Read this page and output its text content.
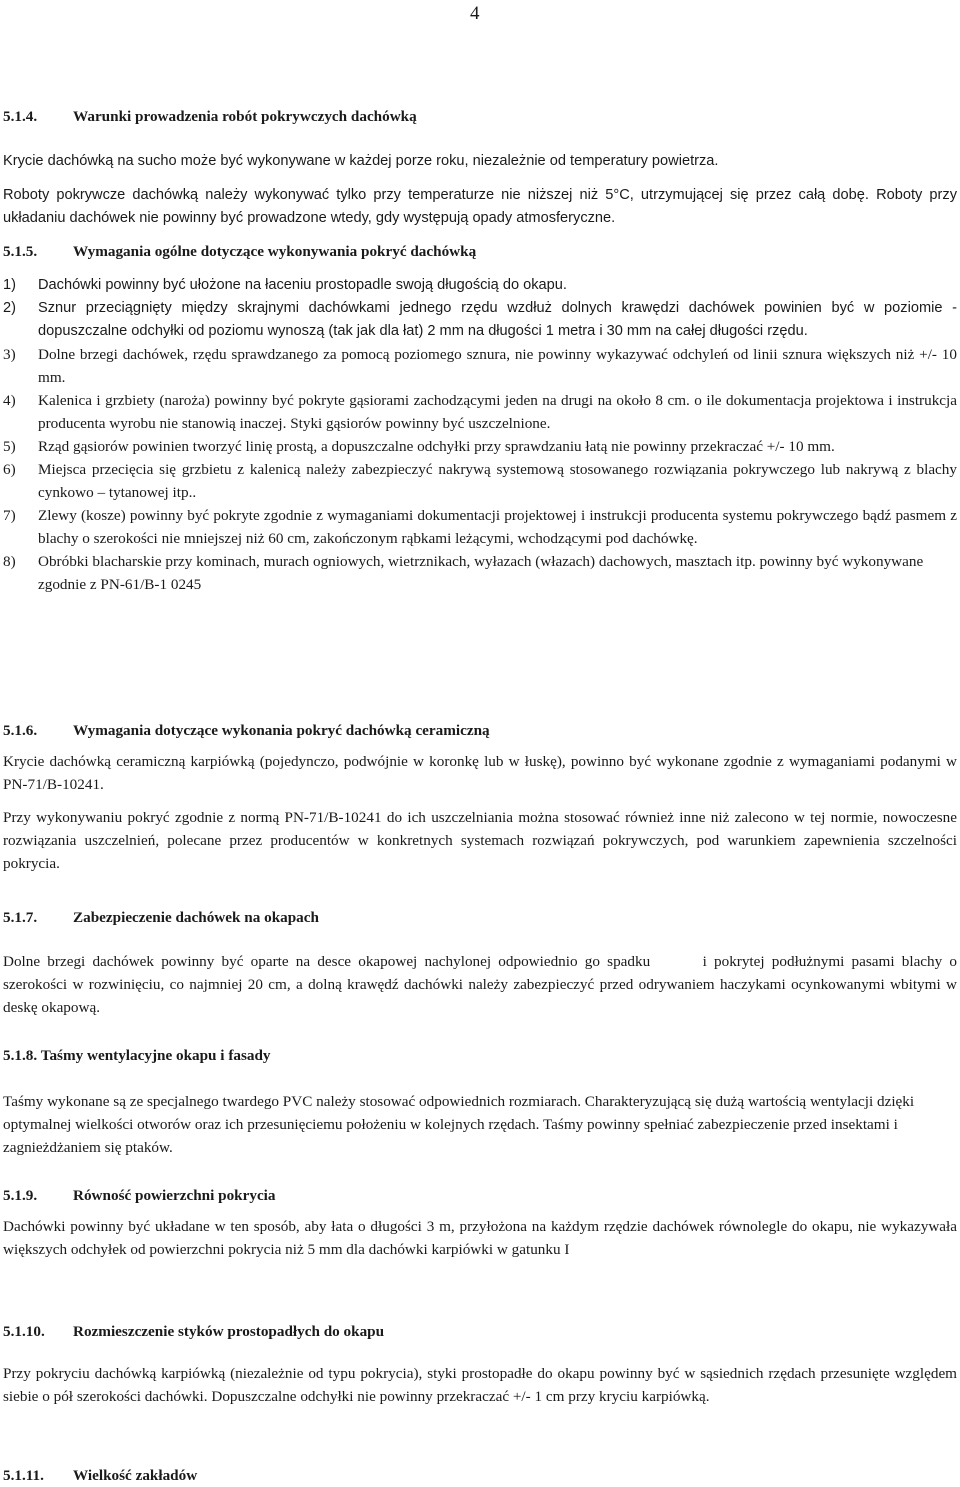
4
5.1.4. Warunki prowadzenia robót pokrywczych dachówką

Krycie dachówką na sucho może być wykonywane w każdej porze roku, niezależnie od temperatury powietrza.

Roboty pokrywcze dachówką należy wykonywać tylko przy temperaturze nie niższej niż 5°C, utrzymującej się przez całą dobę. Roboty przy układaniu dachówek nie powinny być prowadzone wtedy, gdy występują opady atmosferyczne.

5.1.5. Wymagania ogólne dotyczące wykonywania pokryć dachówką
1) Dachówki powinny być ułożone na łaceniu prostopadle swoją długością do okapu.
2) Sznur przeciągnięty między skrajnymi dachówkami jednego rzędu wzdłuż dolnych krawędzi dachówek powinien być w poziomie - dopuszczalne odchyłki od poziomu wynoszą (tak jak dla łat) 2 mm na długości 1 metra i 30 mm na całej długości rzędu.
3) Dolne brzegi dachówek, rzędu sprawdzanego za pomocą poziomego sznura, nie powinny wykazywać odchyleń od linii sznura większych niż +/- 10 mm.
4) Kalenica i grzbiety (naroża) powinny być pokryte gąsiorami zachodzącymi jeden na drugi na około 8 cm. o ile dokumentacja projektowa i instrukcja producenta wyrobu nie stanowią inaczej. Styki gąsiorów powinny być uszczelnione.
5) Rząd gąsiorów powinien tworzyć linię prostą, a dopuszczalne odchyłki przy sprawdzaniu łatą nie powinny przekraczać +/- 10 mm.
6) Miejsca przecięcia się grzbietu z kalenicą należy zabezpieczyć nakrywą systemową stosowanego rozwiązania pokrywczego lub nakrywą z blachy cynkowo – tytanowej itp..
7) Zlewy (kosze) powinny być pokryte zgodnie z wymaganiami dokumentacji projektowej i instrukcji producenta systemu pokrywczego bądź pasmem z blachy o szerokości nie mniejszej niż 60 cm, zakończonym rąbkami leżącymi, wchodzącymi pod dachówkę.
8) Obróbki blacharskie przy kominach, murach ogniowych, wietrznikach, wyłazach (włazach) dachowych, masztach itp. powinny być wykonywane zgodnie z PN-61/B-1 0245
5.1.6. Wymagania dotyczące wykonania pokryć dachówką ceramiczną

Krycie dachówką ceramiczną karpiówką (pojedynczo, podwójnie w koronkę lub w łuskę), powinno być wykonane zgodnie z wymaganiami podanymi w PN-71/B-10241.

Przy wykonywaniu pokryć zgodnie z normą PN-71/B-10241 do ich uszczelniania można stosować również inne niż zalecono w tej normie, nowoczesne rozwiązania uszczelnień, polecane przez producentów w konkretnych systemach rozwiązań pokrywczych, pod warunkiem zapewnienia szczelności pokrycia.

5.1.7. Zabezpieczenie dachówek na okapach

Dolne brzegi dachówek powinny być oparte na desce okapowej nachylonej odpowiednio go spadku	i pokrytej podłużnymi pasami blachy o szerokości w rozwinięciu, co najmniej 20 cm, a dolną krawędź dachówki należy zabezpieczyć przed odrywaniem haczykami ocynkowanymi wbitymi w deskę okapową.

5.1.8. Taśmy wentylacyjne okapu i fasady

Taśmy wykonane są ze specjalnego twardego PVC należy stosować odpowiednich rozmiarach. Charakteryzującą się dużą wartością wentylacji dzięki optymalnej wielkości otworów oraz ich przesunięciemu położeniu w kolejnych rzędach. Taśmy powinny spełniać zabezpieczenie przed insektami i zagnieżdżaniem się ptaków.

5.1.9. Równość powierzchni pokrycia

Dachówki powinny być układane w ten sposób, aby łata o długości 3 m, przyłożona na każdym rzędzie dachówek równolegle do okapu, nie wykazywała większych odchyłek od powierzchni pokrycia niż 5 mm dla dachówki karpiówki w gatunku I

5.1.10. Rozmieszczenie styków prostopadłych do okapu

Przy pokryciu dachówką karpiówką (niezależnie od typu pokrycia), styki prostopadłe do okapu powinny być w sąsiednich rzędach przesunięte względem siebie o pół szerokości dachówki. Dopuszczalne odchyłki nie powinny przekraczać +/- 1 cm przy kryciu karpiówką.

5.1.11. Wielkość zakładów
